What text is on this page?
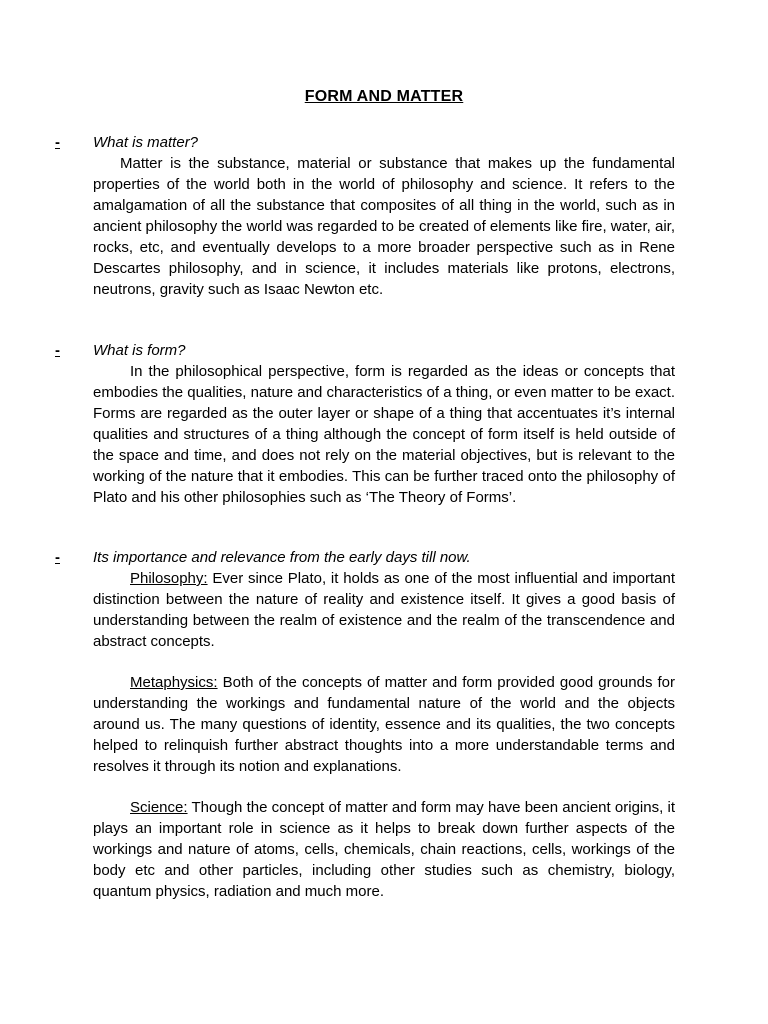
FORM AND MATTER
- What is matter?

Matter is the substance, material or substance that makes up the fundamental properties of the world both in the world of philosophy and science. It refers to the amalgamation of all the substance that composites of all thing in the world, such as in ancient philosophy the world was regarded to be created of elements like fire, water, air, rocks, etc, and eventually develops to a more broader perspective such as in Rene Descartes philosophy, and in science, it includes materials like protons, electrons, neutrons, gravity such as Isaac Newton etc.

- What is form?

In the philosophical perspective, form is regarded as the ideas or concepts that embodies the qualities, nature and characteristics of a thing, or even matter to be exact. Forms are regarded as the outer layer or shape of a thing that accentuates it’s internal qualities and structures of a thing although the concept of form itself is held outside of the space and time, and does not rely on the material objectives, but is relevant to the working of the nature that it embodies. This can be further traced onto the philosophy of Plato and his other philosophies such as ‘The Theory of Forms’.

- Its importance and relevance from the early days till now.

Philosophy: Ever since Plato, it holds as one of the most influential and important distinction between the nature of reality and existence itself. It gives a good basis of understanding between the realm of existence and the realm of the transcendence and abstract concepts.

Metaphysics: Both of the concepts of matter and form provided good grounds for understanding the workings and fundamental nature of the world and the objects around us. The many questions of identity, essence and its qualities, the two concepts helped to relinquish further abstract thoughts into a more understandable terms and resolves it through its notion and explanations.

Science: Though the concept of matter and form may have been ancient origins, it plays an important role in science as it helps to break down further aspects of the workings and nature of atoms, cells, chemicals, chain reactions, cells, workings of the body etc and other particles, including other studies such as chemistry, biology, quantum physics, radiation and much more.
